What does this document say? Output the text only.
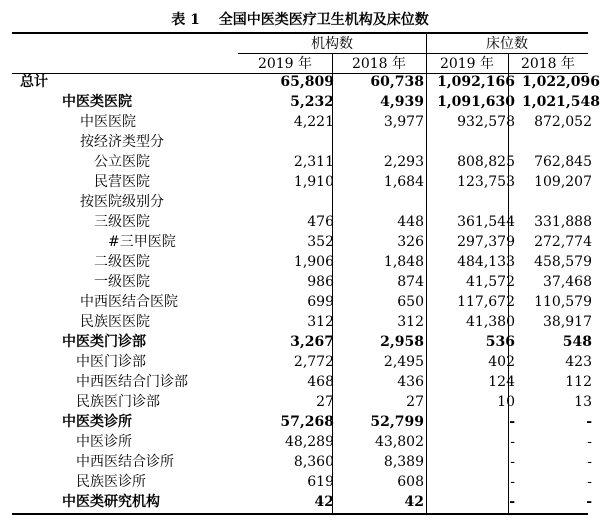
表 1　 全国中医类医疗卫生机构及床位数
机构数	床位数
2019 年	2018 年	2019 年	2018 年
总计	65,809	60,738 1,092,166 1,022,096
中医类医院	5,232	4,939 1,091,630 1,021,548
中医医院	4,221	3,977	932,578	872,052
按经济类型分
公立医院	2,311	2,293	808,825	762,845
民营医院	1,910	1,684	123,753	109,207
按医院级别分
三级医院	476	448	361,544	331,888
#三甲医院	352	326	297,379	272,774
二级医院	1,906	1,848	484,133	458,579
一级医院	986	874	41,572	37,468
中西医结合医院	699	650	117,672	110,579
民族医医院	312	312	41,380	38,917
中医类门诊部	3,267	2,958	536	548
中医门诊部	2,772	2,495	402	423
中西医结合门诊部	468	436	124	112
民族医门诊部	27	27	10	13
中医类诊所	57,268	52,799	-	-
中医诊所	48,289	43,802	-	-
中西医结合诊所	8,360	8,389	-	-
民族医诊所	619	608	-	-
中医类研究机构	42	42	-	-
